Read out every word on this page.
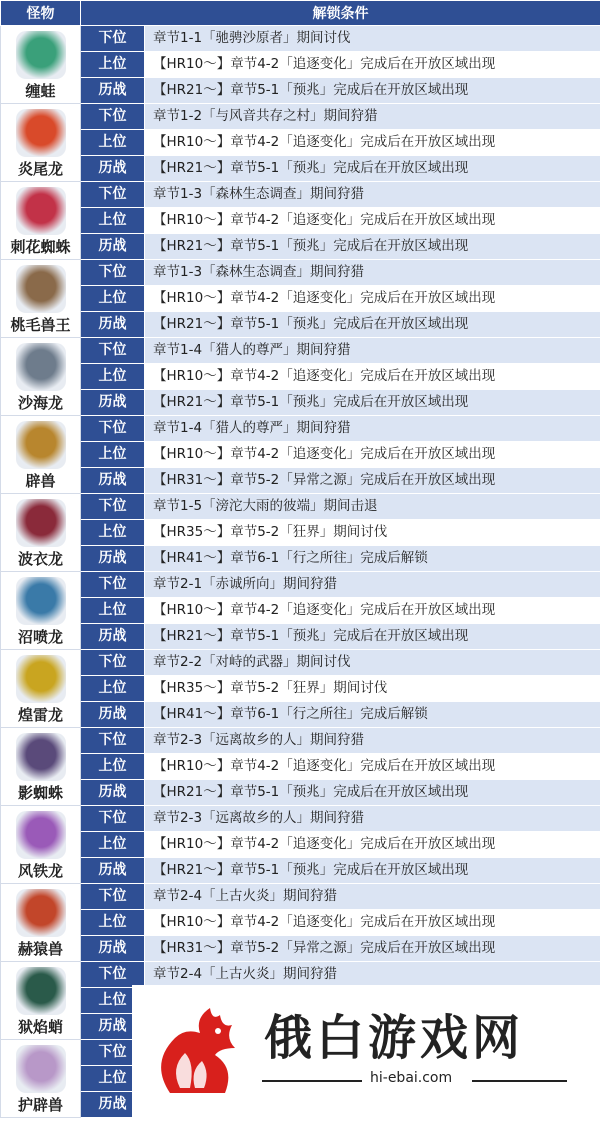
怪物	解锁条件	

缠蛙	下位	章节1-1「驰骋沙原者」期间讨伐
	上位	【HR10～】章节4-2「追逐变化」完成后在开放区域出现
	历战	【HR21～】章节5-1「预兆」完成后在开放区域出现

炎尾龙	下位	章节1-2「与风音共存之村」期间狩猎
	上位	【HR10～】章节4-2「追逐变化」完成后在开放区域出现
	历战	【HR21～】章节5-1「预兆」完成后在开放区域出现

刺花蜘蛛	下位	章节1-3「森林生态调查」期间狩猎
	上位	【HR10～】章节4-2「追逐变化」完成后在开放区域出现
	历战	【HR21～】章节5-1「预兆」完成后在开放区域出现

桃毛兽王	下位	章节1-3「森林生态调查」期间狩猎
	上位	【HR10～】章节4-2「追逐变化」完成后在开放区域出现
	历战	【HR21～】章节5-1「预兆」完成后在开放区域出现

沙海龙	下位	章节1-4「猎人的尊严」期间狩猎
	上位	【HR10～】章节4-2「追逐变化」完成后在开放区域出现
	历战	【HR21～】章节5-1「预兆」完成后在开放区域出现

辟兽	下位	章节1-4「猎人的尊严」期间狩猎
	上位	【HR10～】章节4-2「追逐变化」完成后在开放区域出现
	历战	【HR31～】章节5-2「异常之源」完成后在开放区域出现

波衣龙	下位	章节1-5「滂沱大雨的彼端」期间击退
	上位	【HR35～】章节5-2「狂界」期间讨伐
	历战	【HR41～】章节6-1「行之所往」完成后解锁

沼喷龙	下位	章节2-1「赤诚所向」期间狩猎
	上位	【HR10～】章节4-2「追逐变化」完成后在开放区域出现
	历战	【HR21～】章节5-1「预兆」完成后在开放区域出现

煌雷龙	下位	章节2-2「对峙的武器」期间讨伐
	上位	【HR35～】章节5-2「狂界」期间讨伐
	历战	【HR41～】章节6-1「行之所往」完成后解锁

影蜘蛛	下位	章节2-3「远离故乡的人」期间狩猎
	上位	【HR10～】章节4-2「追逐变化」完成后在开放区域出现
	历战	【HR21～】章节5-1「预兆」完成后在开放区域出现

风铁龙	下位	章节2-3「远离故乡的人」期间狩猎
	上位	【HR10～】章节4-2「追逐变化」完成后在开放区域出现
	历战	【HR21～】章节5-1「预兆」完成后在开放区域出现

赫猿兽	下位	章节2-4「上古火炎」期间狩猎
	上位	【HR10～】章节4-2「追逐变化」完成后在开放区域出现
	历战	【HR31～】章节5-2「异常之源」完成后在开放区域出现

狱焰蛸	下位	章节2-4「上古火炎」期间狩猎
	上位	
	历战	

护辟兽	下位	
	上位	
	历战	
俄白游戏网
hi-ebai.com
